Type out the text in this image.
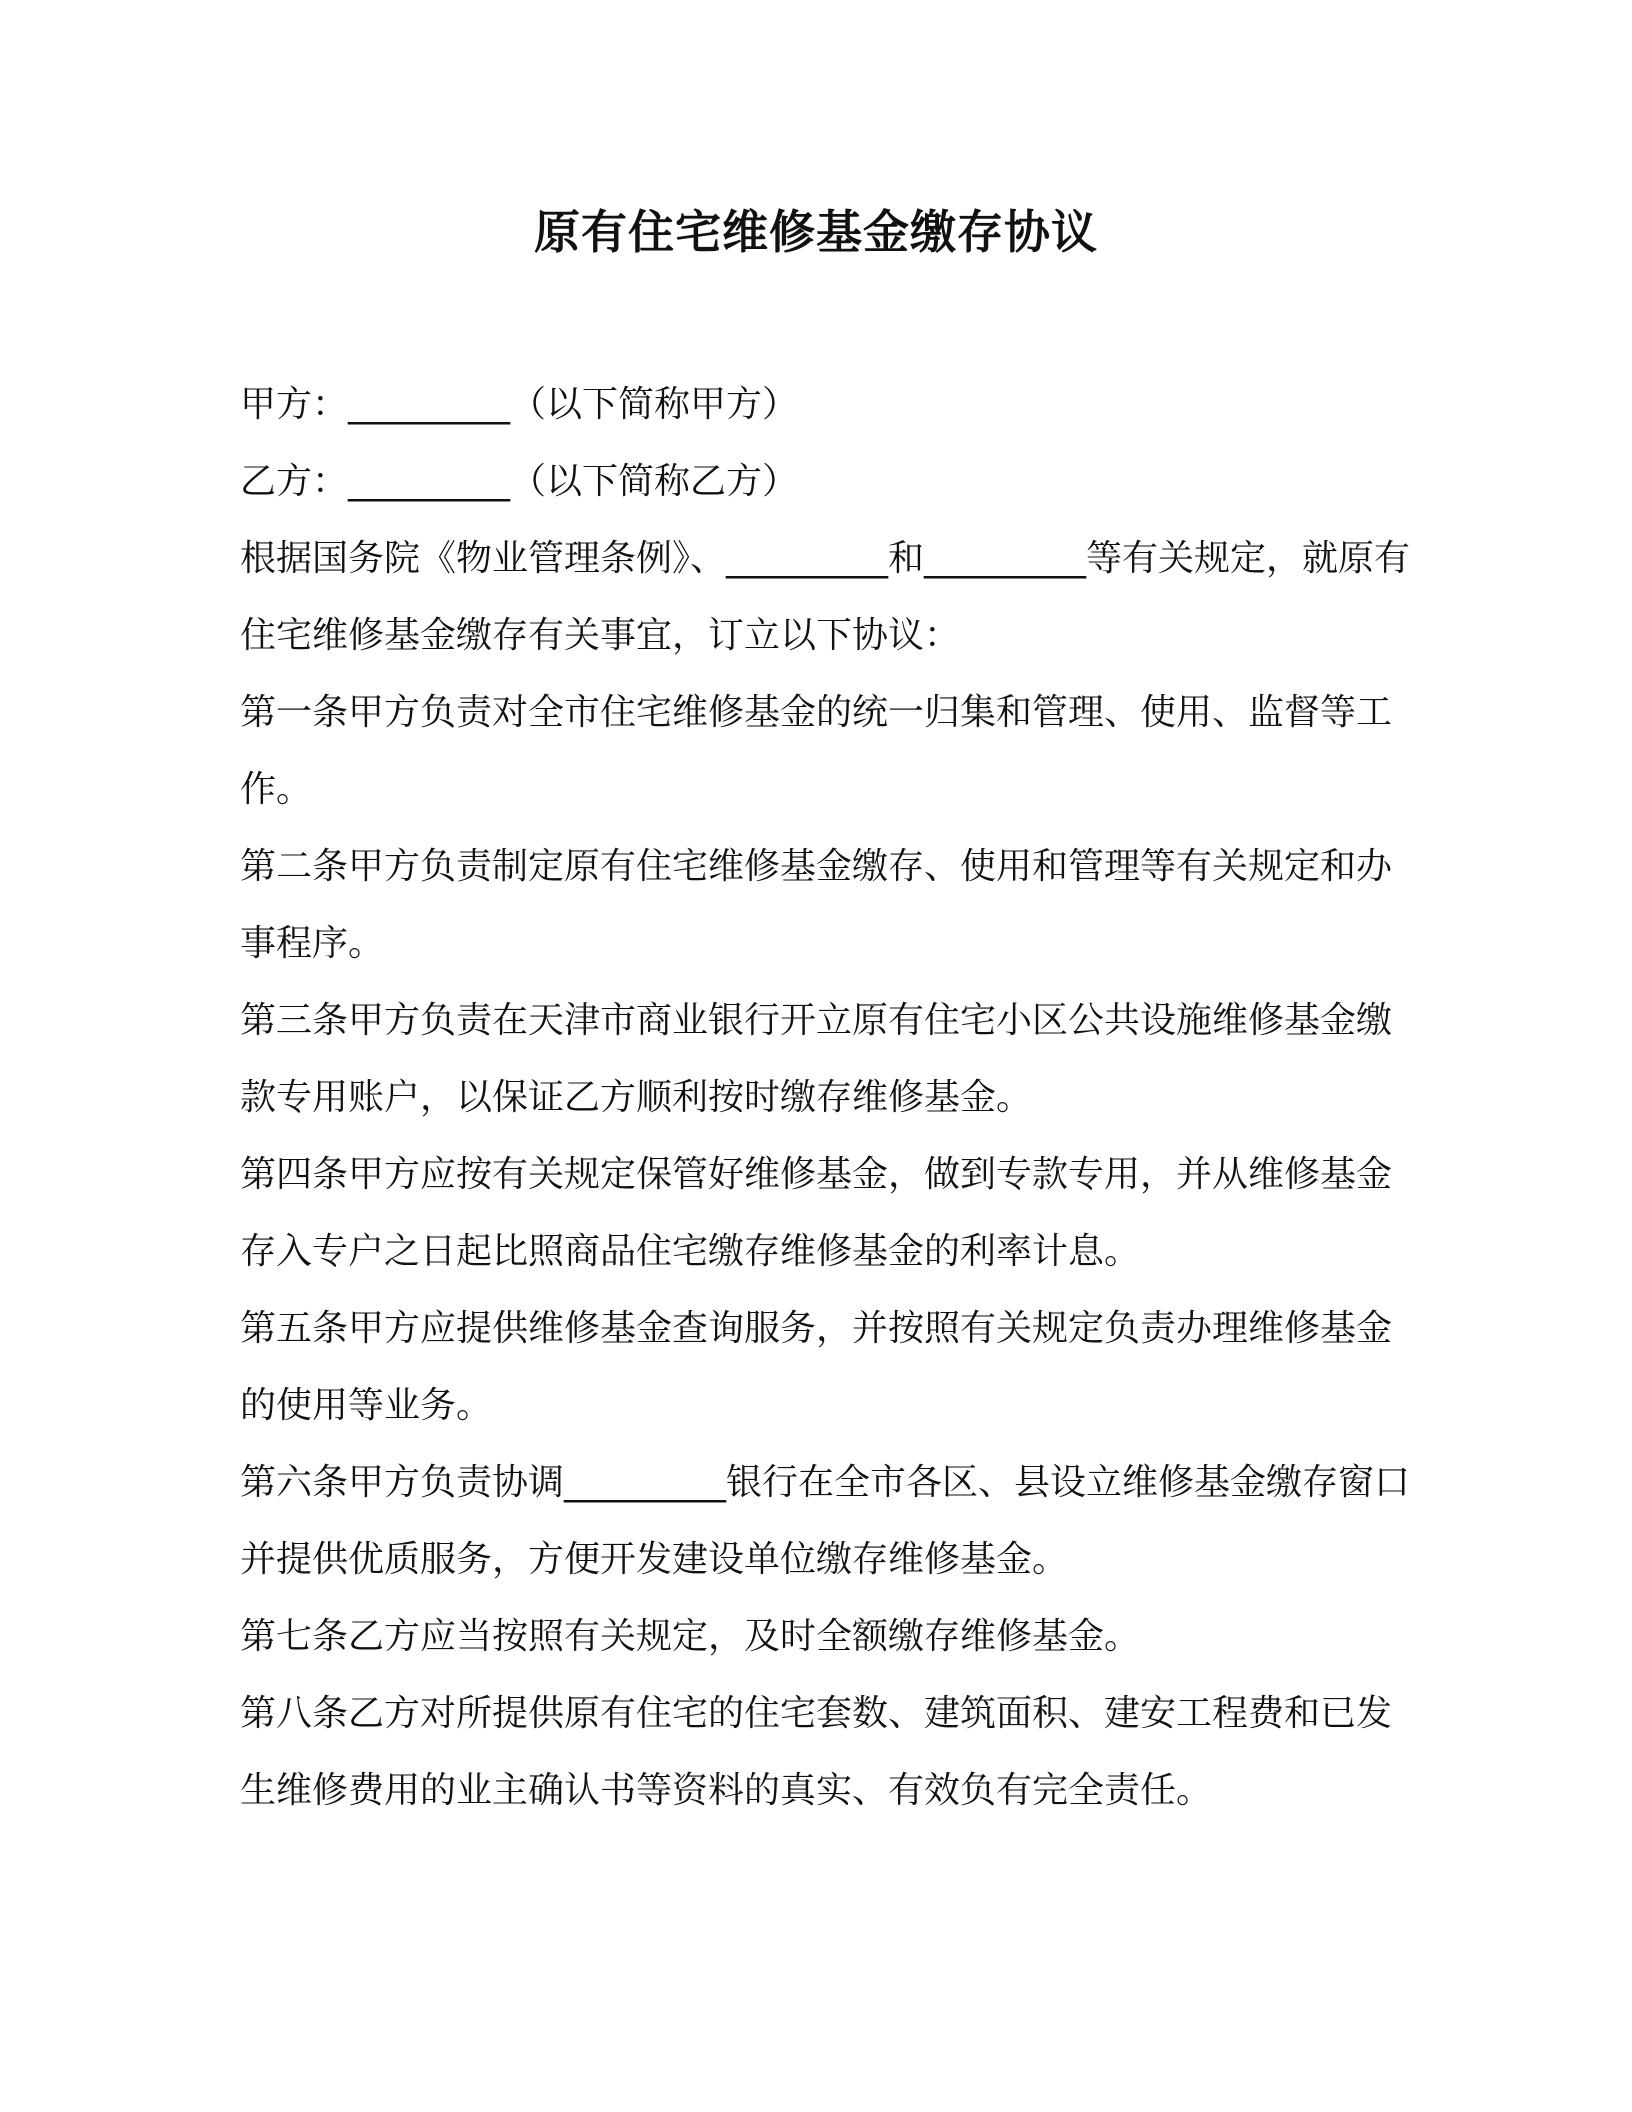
原有住宅维修基金缴存协议

甲方：_________（以下简称甲方）

乙方：_________（以下简称乙方）

根据国务院《物业管理条例》、_________和_________等有关规定，就原有住宅维修基金缴存有关事宜，订立以下协议：

第一条甲方负责对全市住宅维修基金的统一归集和管理、使用、监督等工作。

第二条甲方负责制定原有住宅维修基金缴存、使用和管理等有关规定和办事程序。

第三条甲方负责在天津市商业银行开立原有住宅小区公共设施维修基金缴款专用账户，以保证乙方顺利按时缴存维修基金。

第四条甲方应按有关规定保管好维修基金，做到专款专用，并从维修基金存入专户之日起比照商品住宅缴存维修基金的利率计息。

第五条甲方应提供维修基金查询服务，并按照有关规定负责办理维修基金的使用等业务。

第六条甲方负责协调_________银行在全市各区、县设立维修基金缴存窗口并提供优质服务，方便开发建设单位缴存维修基金。

第七条乙方应当按照有关规定，及时全额缴存维修基金。

第八条乙方对所提供原有住宅的住宅套数、建筑面积、建安工程费和已发生维修费用的业主确认书等资料的真实、有效负有完全责任。
